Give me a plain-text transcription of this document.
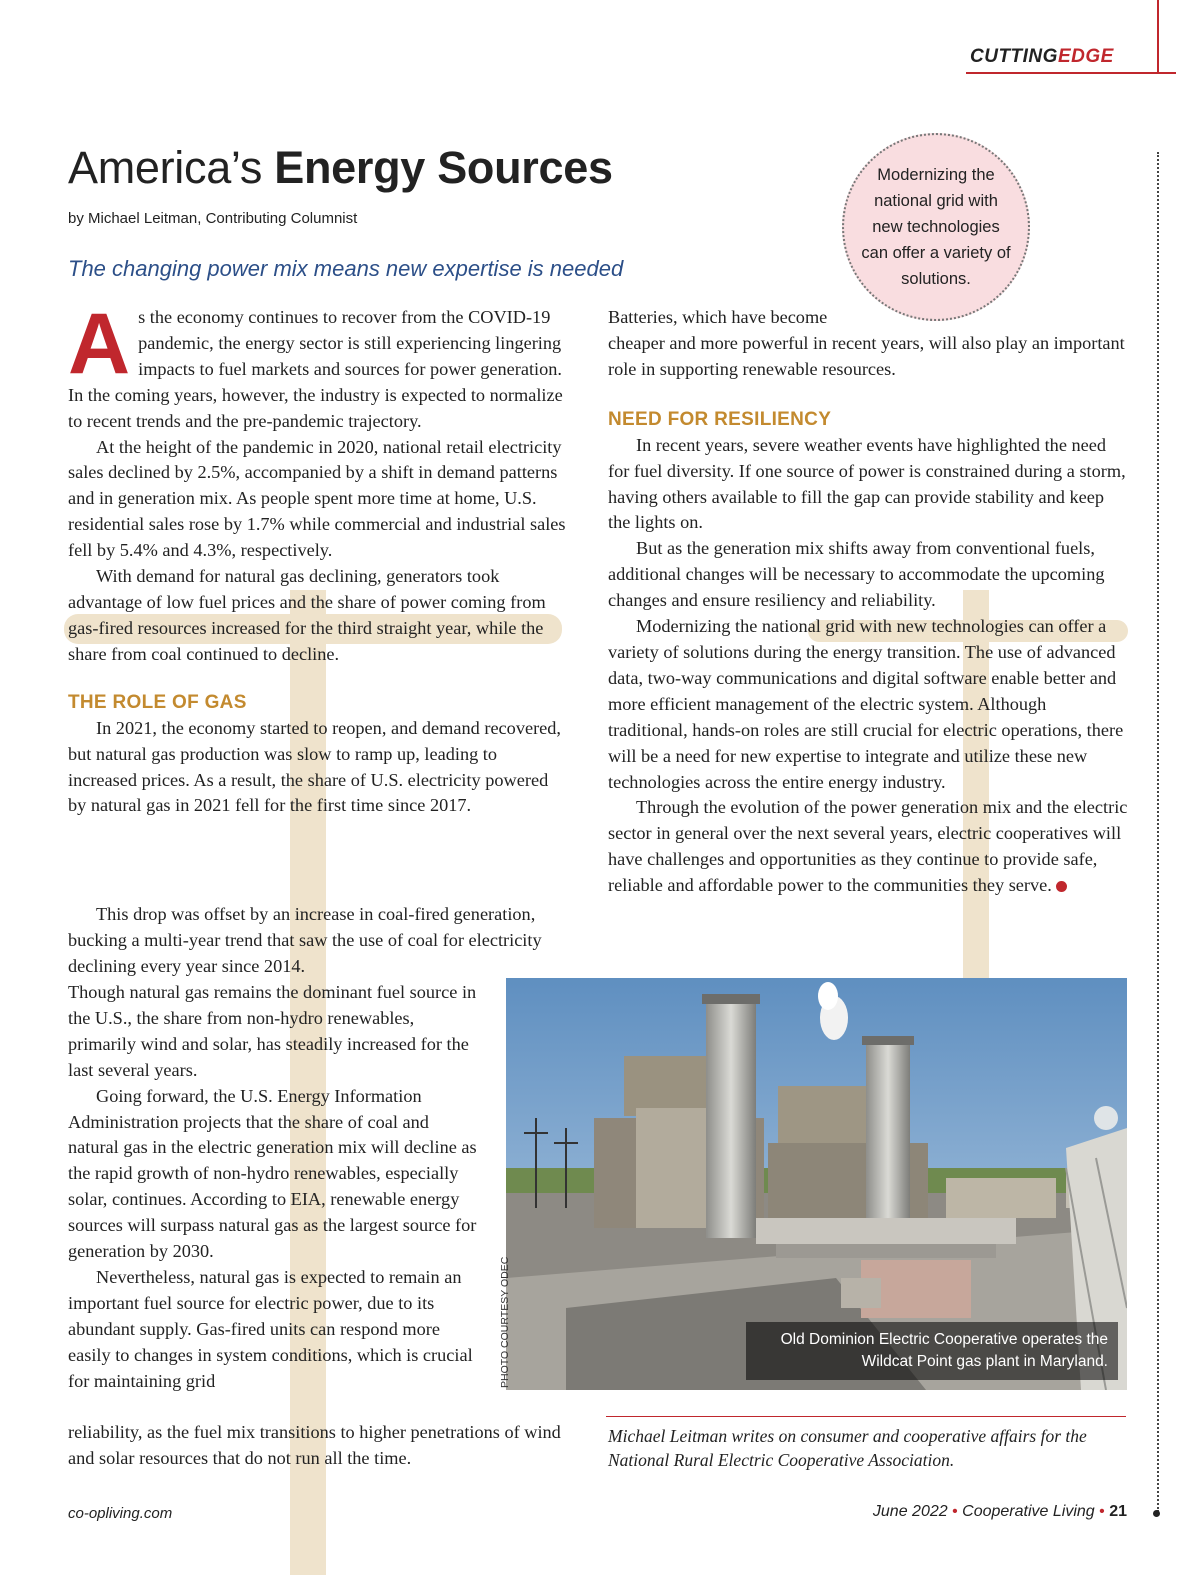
CUTTINGEDGE
America’s Energy Sources
by Michael Leitman, Contributing Columnist
The changing power mix means new expertise is needed
Modernizing the national grid with new technologies can offer a variety of solutions.

As the economy continues to recover from the COVID-19 pandemic, the energy sector is still experiencing lingering impacts to fuel markets and sources for power generation. In the coming years, however, the industry is expected to normalize to recent trends and the pre-pandemic trajectory.

At the height of the pandemic in 2020, national retail electricity sales declined by 2.5%, accompanied by a shift in demand patterns and in generation mix. As people spent more time at home, U.S. residential sales rose by 1.7% while commercial and industrial sales fell by 5.4% and 4.3%, respectively.

With demand for natural gas declining, generators took advantage of low fuel prices and the share of power coming from gas-fired resources increased for the third straight year, while the share from coal continued to decline.

THE ROLE OF GAS

In 2021, the economy started to reopen, and demand recovered, but natural gas production was slow to ramp up, leading to increased prices. As a result, the share of U.S. electricity powered by natural gas in 2021 fell for the first time since 2017.

This drop was offset by an increase in coal-fired generation, bucking a multi-year trend that saw the use of coal for electricity declining every year since 2014.

Though natural gas remains the dominant fuel source in the U.S., the share from non-hydro renewables, primarily wind and solar, has steadily increased for the last several years.

Going forward, the U.S. Energy Information Administration projects that the share of coal and natural gas in the electric generation mix will decline as the rapid growth of non-hydro renewables, especially solar, continues. According to EIA, renewable energy sources will surpass natural gas as the largest source for generation by 2030.

Nevertheless, natural gas is expected to remain an important fuel source for electric power, due to its abundant supply. Gas-fired units can respond more easily to changes in system conditions, which is crucial for maintaining grid

reliability, as the fuel mix transitions to higher penetrations of wind and solar resources that do not run all the time.

Batteries, which have become
cheaper and more powerful in recent years, will also play an important role in supporting renewable resources.

NEED FOR RESILIENCY

In recent years, severe weather events have highlighted the need for fuel diversity. If one source of power is constrained during a storm, having others available to fill the gap can provide stability and keep the lights on.

But as the generation mix shifts away from conventional fuels, additional changes will be necessary to accommodate the upcoming changes and ensure resiliency and reliability.

Modernizing the national grid with new technologies can offer a variety of solutions during the energy transition. The use of advanced data, two-way communications and digital software enable better and more efficient management of the electric system. Although traditional, hands-on roles are still crucial for electric operations, there will be a need for new expertise to integrate and utilize these new technologies across the entire energy industry.

Through the evolution of the power generation mix and the electric sector in general over the next several years, electric cooperatives will have challenges and opportunities as they continue to provide safe, reliable and affordable power to the communities they serve.

Old Dominion Electric Cooperative operates the Wildcat Point gas plant in Maryland.
PHOTO COURTESY ODEC
Michael Leitman writes on consumer and cooperative affairs for the National Rural Electric Cooperative Association.
co-opliving.com	June 2022 • Cooperative Living • 21
